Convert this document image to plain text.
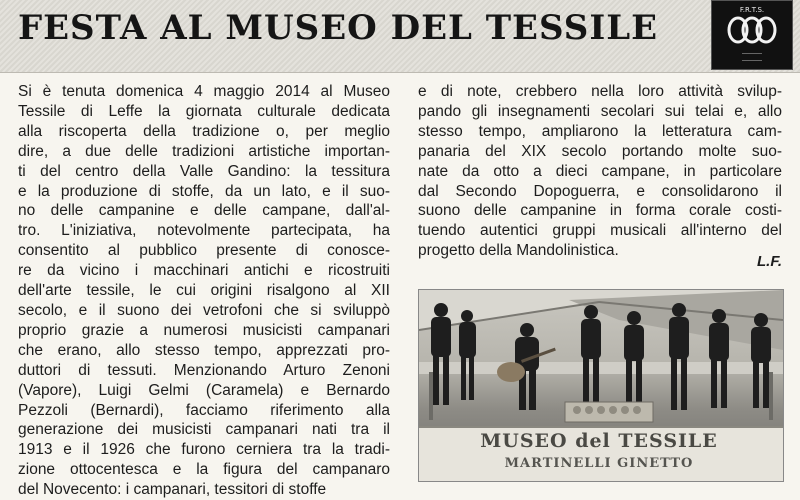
FESTA AL MUSEO DEL TESSILE	F.R.T.S.
――――
――――

Si è tenuta domenica 4 maggio 2014 al Museo

Tessile di Leffe la giornata culturale dedicata

alla riscoperta della tradizione o, per meglio

dire, a due delle tradizioni artistiche importan-

ti del centro della Valle Gandino: la tessitura

e la produzione di stoffe, da un lato, e il suo-

no delle campanine e delle campane, dall'al-

tro. L'iniziativa, notevolmente partecipata, ha

consentito al pubblico presente di conosce-

re da vicino i macchinari antichi e ricostruiti

dell'arte tessile, le cui origini risalgono al XII

secolo, e il suono dei vetrofoni che si sviluppò

proprio grazie a numerosi musicisti campanari

che erano, allo stesso tempo, apprezzati pro-

duttori di tessuti. Menzionando Arturo Zenoni

(Vapore), Luigi Gelmi (Caramela) e Bernardo

Pezzoli (Bernardi), facciamo riferimento alla

generazione dei musicisti campanari nati tra il

1913 e il 1926 che furono cerniera tra la tradi-

zione ottocentesca e la figura del campanaro

del Novecento: i campanari, tessitori di stoffe

e di note, crebbero nella loro attività svilup-

pando gli insegnamenti secolari sui telai e, allo

stesso tempo, ampliarono la letteratura cam-

panaria del XIX secolo portando molte suo-

nate da otto a dieci campane, in particolare

dal Secondo Dopoguerra, e consolidarono il

suono delle campanine in forma corale costi-

tuendo autentici gruppi musicali all'interno del

progetto della Mandolinistica.

L.F.
MUSEO del TESSILE
MARTINELLI GINETTO
